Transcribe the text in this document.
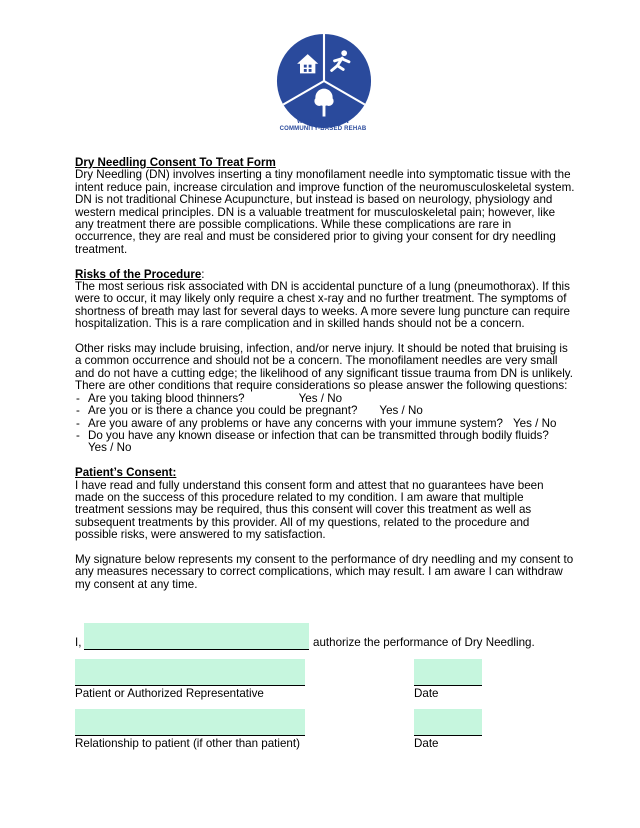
WEST MICHIGAN
COMMUNITY-BASED REHAB
Dry Needling Consent To Treat Form

Dry Needling (DN) involves inserting a tiny monofilament needle into symptomatic tissue with the intent reduce pain, increase circulation and improve function of the neuromusculoskeletal system. DN is not traditional Chinese Acupuncture, but instead is based on neurology, physiology and western medical principles. DN is a valuable treatment for musculoskeletal pain; however, like any treatment there are possible complications. While these complications are rare in occurrence, they are real and must be considered prior to giving your consent for dry needling treatment.

Risks of the Procedure:

The most serious risk associated with DN is accidental puncture of a lung (pneumothorax). If this were to occur, it may likely only require a chest x-ray and no further treatment. The symptoms of shortness of breath may last for several days to weeks. A more severe lung puncture can require hospitalization. This is a rare complication and in skilled hands should not be a concern.

Other risks may include bruising, infection, and/or nerve injury. It should be noted that bruising is a common occurrence and should not be a concern. The monofilament needles are very small and do not have a cutting edge; the likelihood of any significant tissue trauma from DN is unlikely. There are other conditions that require considerations so please answer the following questions:

- Are you taking blood thinners?	Yes / No
- Are you or is there a chance you could be pregnant? Yes / No
- Are you aware of any problems or have any concerns with your immune system? Yes / No
- Do you have any known disease or infection that can be transmitted through bodily fluids?
Yes / No
Patient’s Consent:

I have read and fully understand this consent form and attest that no guarantees have been made on the success of this procedure related to my condition. I am aware that multiple treatment sessions may be required, thus this consent will cover this treatment as well as subsequent treatments by this provider. All of my questions, related to the procedure and possible risks, were answered to my satisfaction.

My signature below represents my consent to the performance of dry needling and my consent to any measures necessary to correct complications, which may result. I am aware I can withdraw my consent at any time.

I,	authorize the performance of Dry Needling.
Patient or Authorized Representative	Date
Relationship to patient (if other than patient)	Date
